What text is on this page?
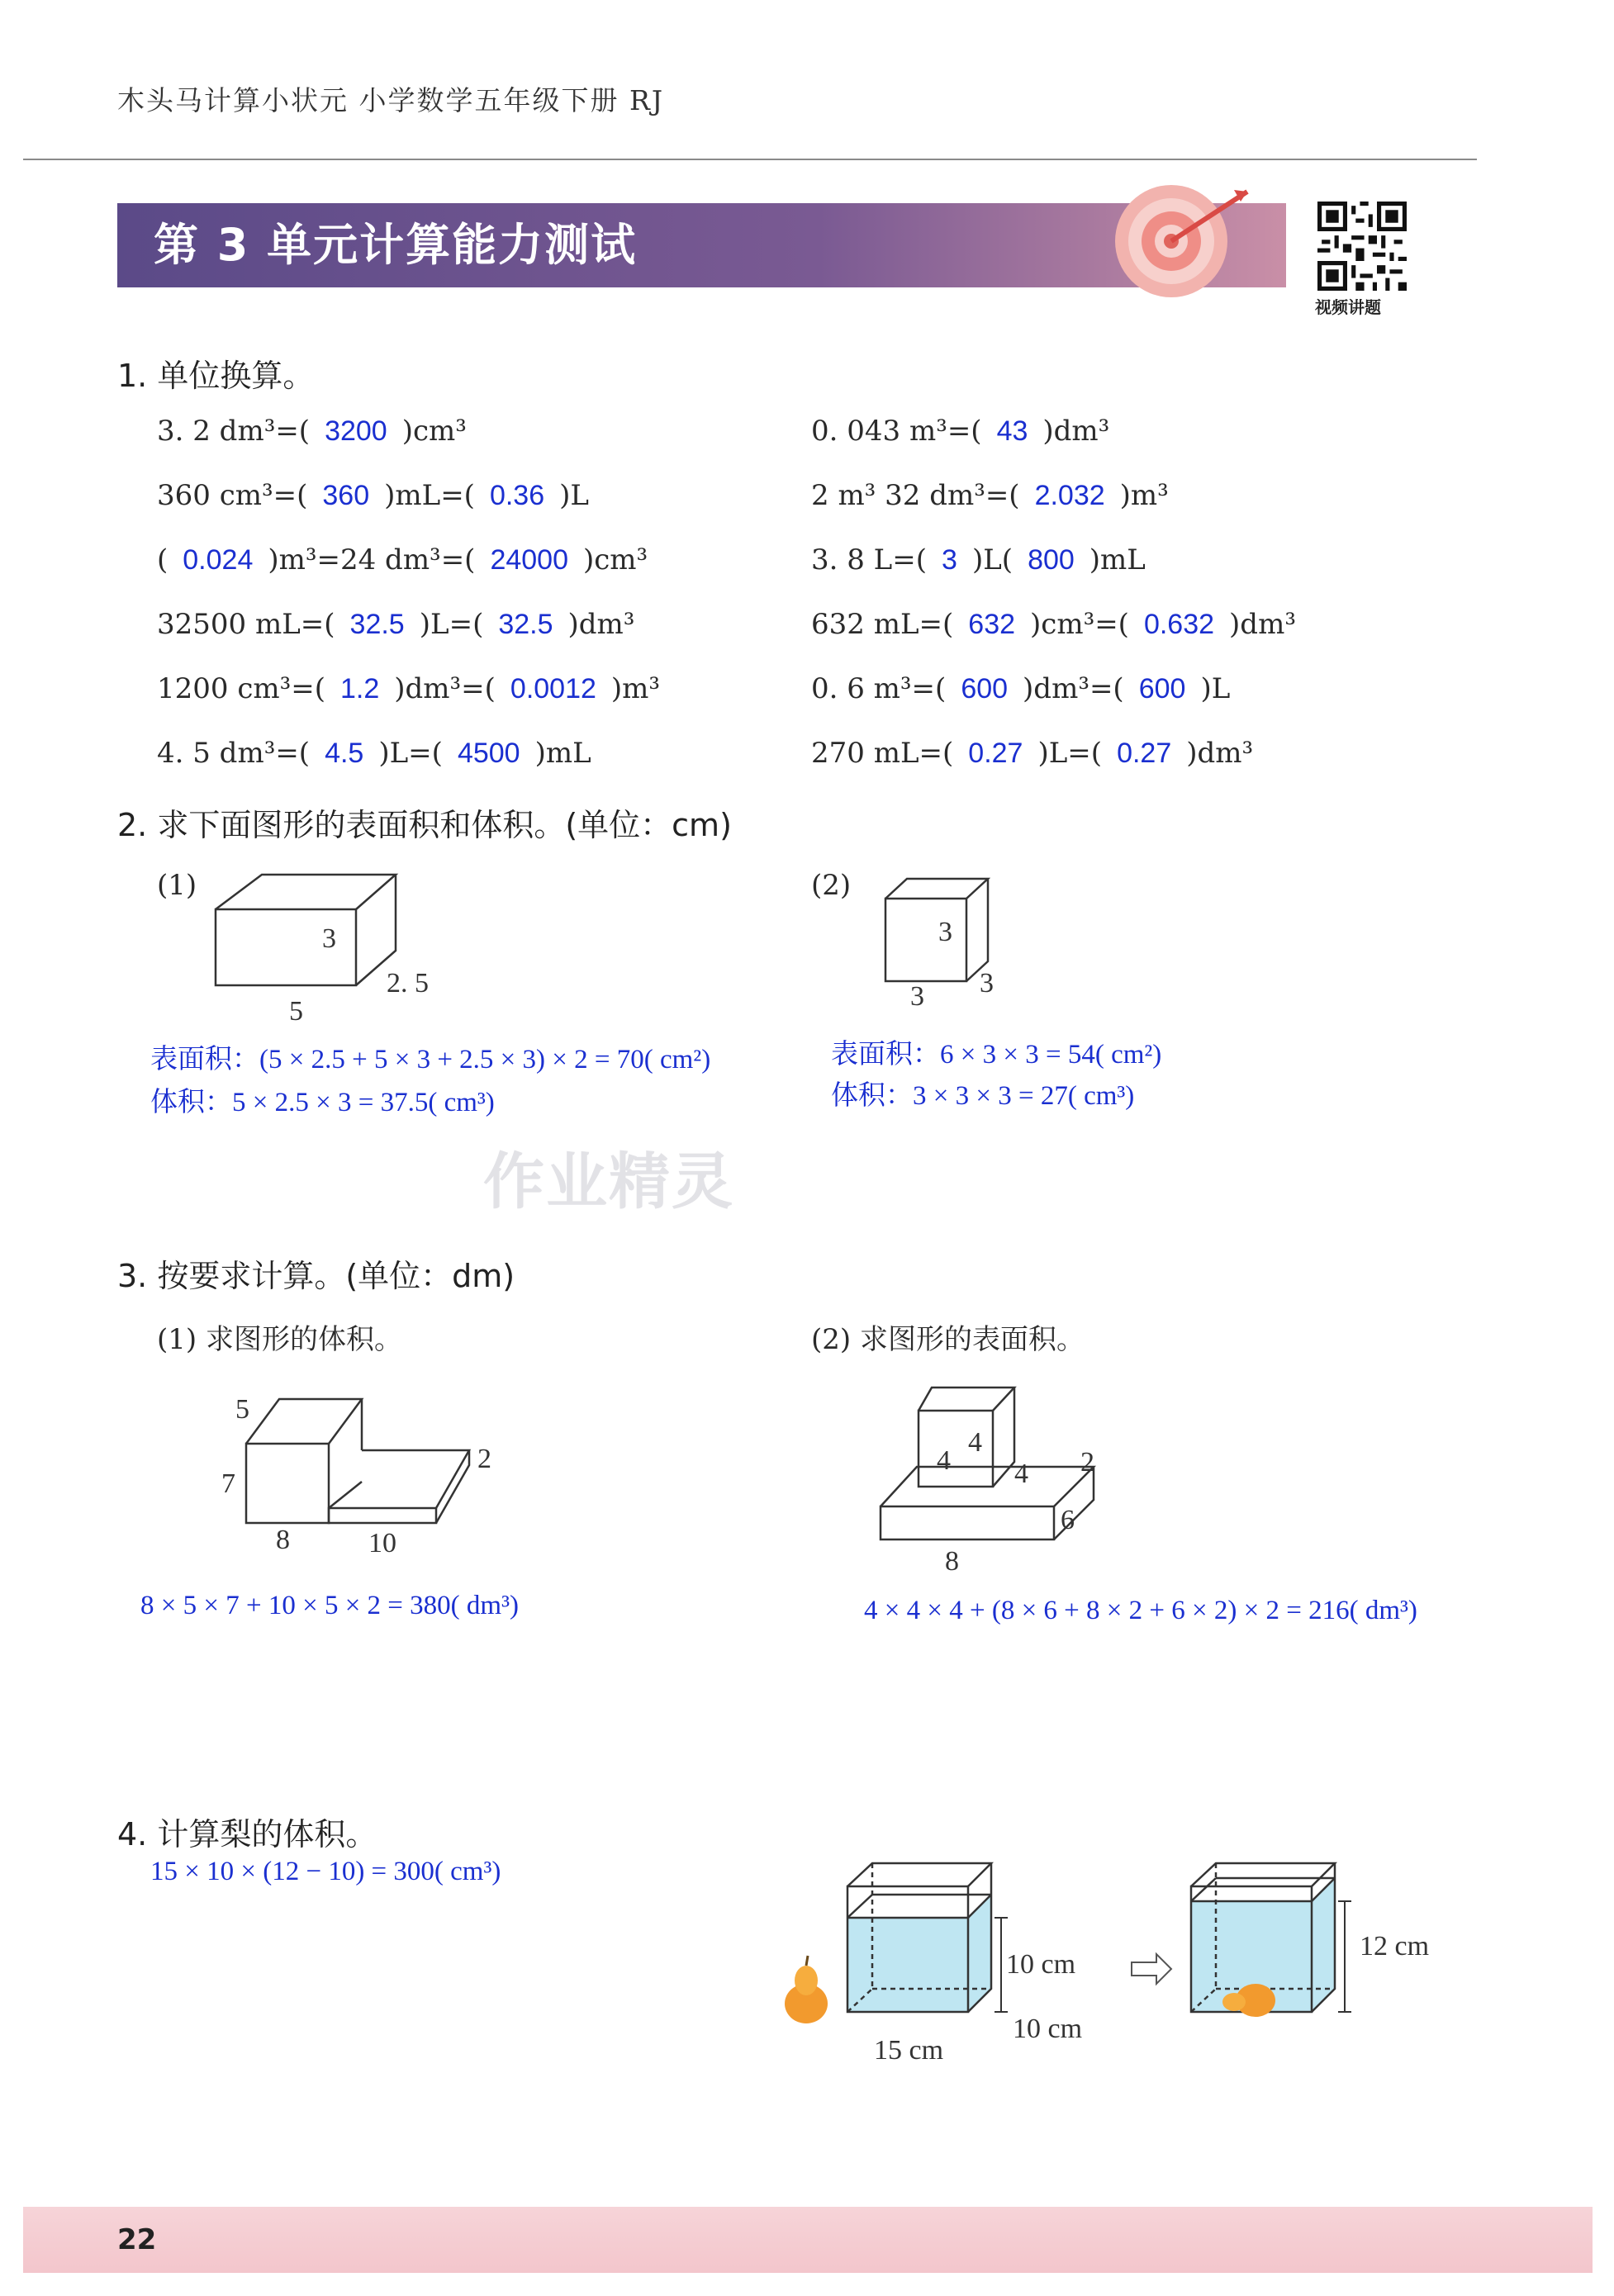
木头马计算小状元 小学数学五年级下册 RJ
第 3 单元计算能力测试
视频讲题
1. 单位换算。
3. 2 dm³=( 3200 )cm³
360 cm³=( 360 )mL=( 0.36 )L
( 0.024 )m³=24 dm³=( 24000 )cm³
32500 mL=( 32.5 )L=( 32.5 )dm³
1200 cm³=( 1.2 )dm³=( 0.0012 )m³
4. 5 dm³=( 4.5 )L=( 4500 )mL
0. 043 m³=( 43 )dm³
2 m³ 32 dm³=( 2.032 )m³
3. 8 L=( 3 )L( 800 )mL
632 mL=( 632 )cm³=( 0.632 )dm³
0. 6 m³=( 600 )dm³=( 600 )L
270 mL=( 0.27 )L=( 0.27 )dm³
2. 求下面图形的表面积和体积。(单位：cm)
(1)
3
2. 5
5
表面积：(5 × 2.5 + 5 × 3 + 2.5 × 3) × 2 = 70( cm²)
体积：5 × 2.5 × 3 = 37.5( cm³)
(2)
3
3
3
表面积：6 × 3 × 3 = 54( cm²)
体积：3 × 3 × 3 = 27( cm³)
作业精灵
3. 按要求计算。(单位：dm)
(1) 求图形的体积。	(2) 求图形的表面积。
5
7
8	10
2
8 × 5 × 7 + 10 × 5 × 2 = 380( dm³)
4
4
4 2
6
8
4 × 4 × 4 + (8 × 6 + 8 × 2 + 6 × 2) × 2 = 216( dm³)
4. 计算梨的体积。
15 × 10 × (12 − 10) = 300( cm³)
10 cm
10 cm
15 cm
12 cm
22
